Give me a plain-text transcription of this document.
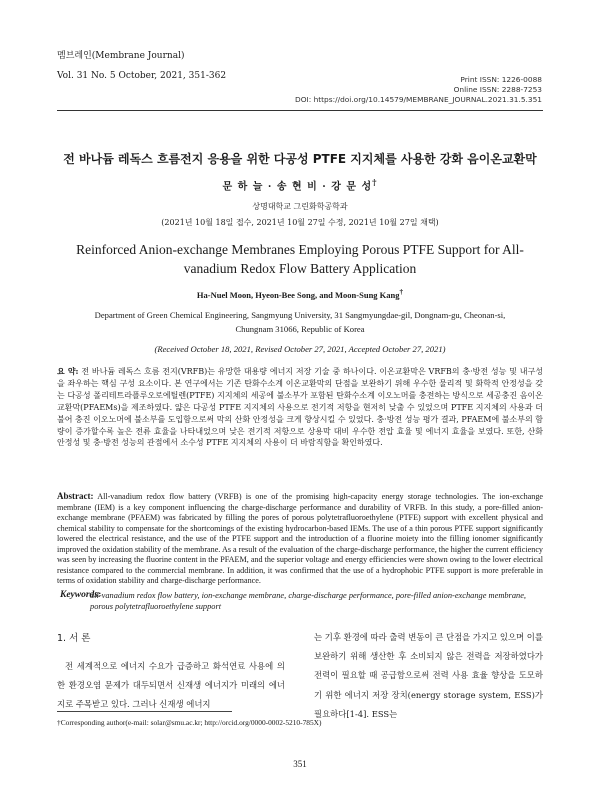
멤브레인(Membrane Journal)
Vol. 31 No. 5 October, 2021, 351-362	Print ISSN: 1226-0088
Online ISSN: 2288-7253
DOI: https://doi.org/10.14579/MEMBRANE_JOURNAL.2021.31.5.351
전 바나듐 레독스 흐름전지 응용을 위한 다공성 PTFE 지지체를 사용한 강화 음이온교환막
문 하 늘 · 송 현 비 · 강 문 성†
상명대학교 그린화학공학과
(2021년 10월 18일 접수, 2021년 10월 27일 수정, 2021년 10월 27일 채택)
Reinforced Anion-exchange Membranes Employing Porous PTFE Support for All-vanadium Redox Flow Battery Application
Ha-Nuel Moon, Hyeon-Bee Song, and Moon-Sung Kang†
Department of Green Chemical Engineering, Sangmyung University, 31 Sangmyungdae-gil, Dongnam-gu, Cheonan-si,
Chungnam 31066, Republic of Korea
(Received October 18, 2021, Revised October 27, 2021, Accepted October 27, 2021)
요 약: 전 바나듐 레독스 흐름 전지(VRFB)는 유망한 대용량 에너지 저장 기술 중 하나이다. 이온교환막은 VRFB의 충·방전 성능 및 내구성을 좌우하는 핵심 구성 요소이다. 본 연구에서는 기존 탄화수소계 이온교환막의 단점을 보완하기 위해 우수한 물리적 및 화학적 안정성을 갖는 다공성 폴리테트라플루오로에틸렌(PTFE) 지지체의 세공에 불소부가 포함된 탄화수소계 이오노머를 충전하는 방식으로 세공충진 음이온교환막(PFAEMs)을 제조하였다. 얇은 다공성 PTFE 지지체의 사용으로 전기적 저항을 현저히 낮출 수 있었으며 PTFE 지지체의 사용과 더불어 충진 이오노머에 불소부를 도입함으로써 막의 산화 안정성을 크게 향상시킬 수 있었다. 충·방전 성능 평가 결과, PFAEM에 불소부의 함량이 증가할수록 높은 전류 효율을 나타내었으며 낮은 전기적 저항으로 상용막 대비 우수한 전압 효율 및 에너지 효율을 보였다. 또한, 산화 안정성 및 충·방전 성능의 관점에서 소수성 PTFE 지지체의 사용이 더 바람직함을 확인하였다.
Abstract: All-vanadium redox flow battery (VRFB) is one of the promising high-capacity energy storage technologies. The ion-exchange membrane (IEM) is a key component influencing the charge-discharge performance and durability of VRFB. In this study, a pore-filled anion-exchange membrane (PFAEM) was fabricated by filling the pores of porous polytetrafluoroethylene (PTFE) support with excellent physical and chemical stability to compensate for the shortcomings of the existing hydrocarbon-based IEMs. The use of a thin porous PTFE support significantly lowered the electrical resistance, and the use of the PTFE support and the introduction of a fluorine moiety into the filling ionomer significantly improved the oxidation stability of the membrane. As a result of the evaluation of the charge-discharge performance, the higher the current efficiency was seen by increasing the fluorine content in the PFAEM, and the superior voltage and energy efficiencies were shown owing to the lower electrical resistance compared to the commercial membrane. In addition, it was confirmed that the use of a hydrophobic PTFE support is more preferable in terms of oxidation stability and charge-discharge performance.
Keywords:
all-vanadium redox flow battery, ion-exchange membrane, charge-discharge performance, pore-filled anion-exchange membrane, porous polytetrafluoroethylene support
1. 서 론

전 세계적으로 에너지 수요가 급증하고 화석연료 사용에 의한 환경오염 문제가 대두되면서 신재생 에너지가 미래의 에너지로 주목받고 있다. 그러나 신재생 에너지

는 기후 환경에 따라 출력 변동이 큰 단점을 가지고 있으며 이를 보완하기 위해 생산한 후 소비되지 않은 전력을 저장하였다가 전력이 필요할 때 공급함으로써 전력 사용 효율 향상을 도모하기 위한 에너지 저장 장치(energy storage system, ESS)가 필요하다[1-4]. ESS는

†Corresponding author(e-mail: solar@smu.ac.kr; http://orcid.org/0000-0002-5210-785X)
351
